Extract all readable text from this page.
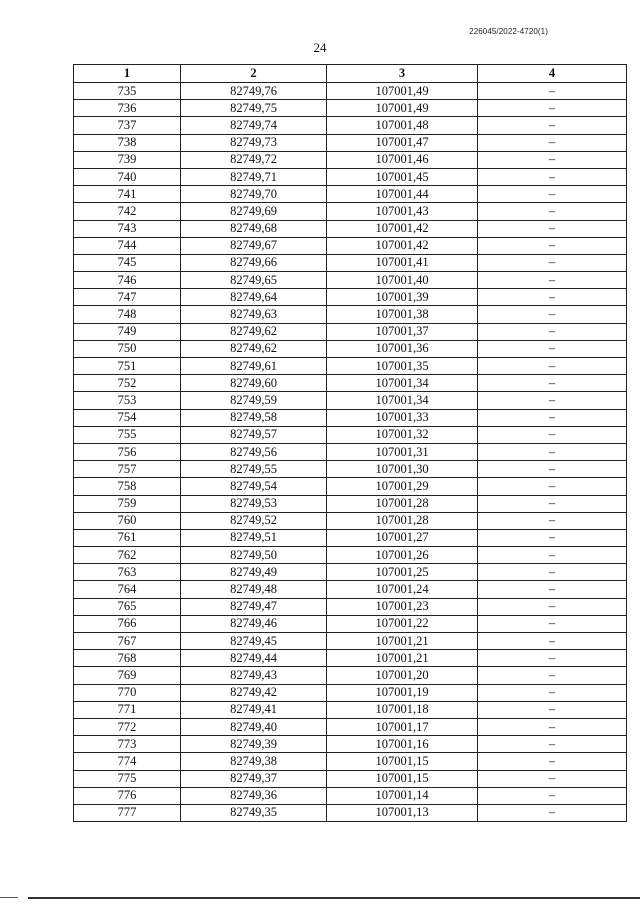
226045/2022-4720(1)
24
1	2	3	4
735	82749,76	107001,49	–
736	82749,75	107001,49	–
737	82749,74	107001,48	–
738	82749,73	107001,47	–
739	82749,72	107001,46	–
740	82749,71	107001,45	–
741	82749,70	107001,44	–
742	82749,69	107001,43	–
743	82749,68	107001,42	–
744	82749,67	107001,42	–
745	82749,66	107001,41	–
746	82749,65	107001,40	–
747	82749,64	107001,39	–
748	82749,63	107001,38	–
749	82749,62	107001,37	–
750	82749,62	107001,36	–
751	82749,61	107001,35	–
752	82749,60	107001,34	–
753	82749,59	107001,34	–
754	82749,58	107001,33	–
755	82749,57	107001,32	–
756	82749,56	107001,31	–
757	82749,55	107001,30	–
758	82749,54	107001,29	–
759	82749,53	107001,28	–
760	82749,52	107001,28	–
761	82749,51	107001,27	–
762	82749,50	107001,26	–
763	82749,49	107001,25	–
764	82749,48	107001,24	–
765	82749,47	107001,23	–
766	82749,46	107001,22	–
767	82749,45	107001,21	–
768	82749,44	107001,21	–
769	82749,43	107001,20	–
770	82749,42	107001,19	–
771	82749,41	107001,18	–
772	82749,40	107001,17	–
773	82749,39	107001,16	–
774	82749,38	107001,15	–
775	82749,37	107001,15	–
776	82749,36	107001,14	–
777	82749,35	107001,13	–
